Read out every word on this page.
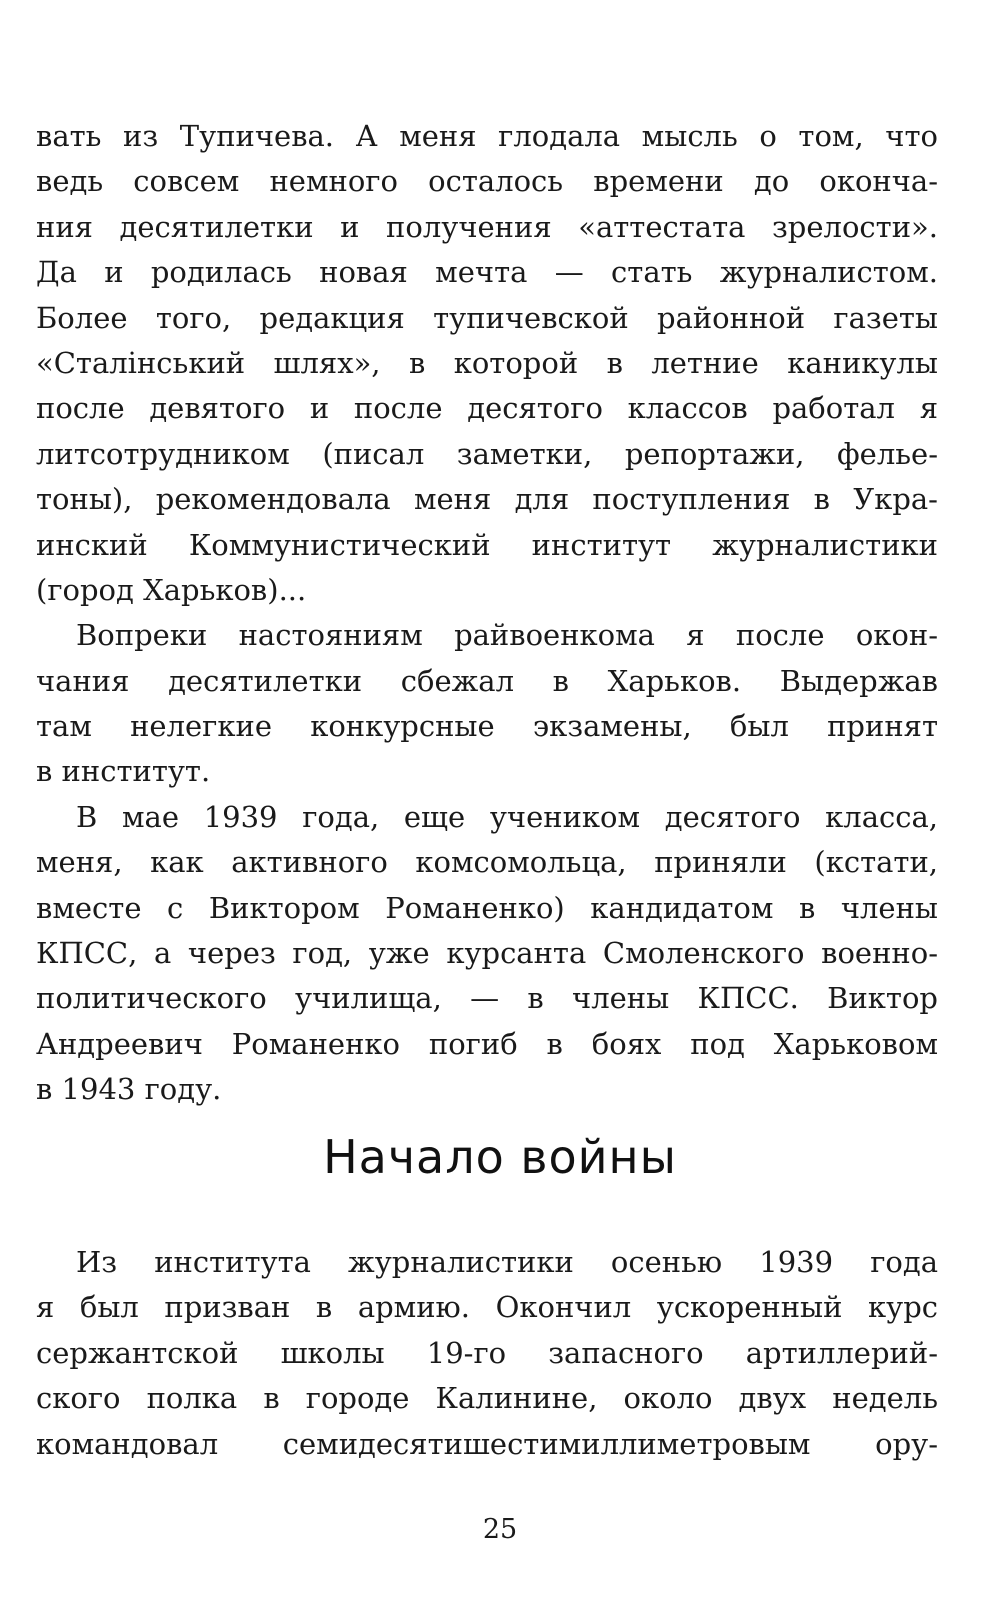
вать из Тупичева. А меня глодала мысль о том, что
ведь совсем немного осталось времени до оконча-
ния десятилетки и получения «аттестата зрелости».
Да и родилась новая мечта — стать журналистом.
Более того, редакция тупичевской районной газеты
«Сталінський шлях», в которой в летние каникулы
после девятого и после десятого классов работал я
литсотрудником (писал заметки, репортажи, фелье-
тоны), рекомендовала меня для поступления в Укра-
инский Коммунистический институт журналистики
(город Харьков)...
Вопреки настояниям райвоенкома я после окон-
чания десятилетки сбежал в Харьков. Выдержав
там нелегкие конкурсные экзамены, был принят
в институт.
В мае 1939 года, еще учеником десятого класса,
меня, как активного комсомольца, приняли (кстати,
вместе с Виктором Романенко) кандидатом в члены
КПСС, а через год, уже курсанта Смоленского военно-
политического училища, — в члены КПСС. Виктор
Андреевич Романенко погиб в боях под Харьковом
в 1943 году.
Начало войны
Из института журналистики осенью 1939 года
я был призван в армию. Окончил ускоренный курс
сержантской школы 19-го запасного артиллерий-
ского полка в городе Калинине, около двух недель
командовал семидесятишестимиллиметровым ору-
25
